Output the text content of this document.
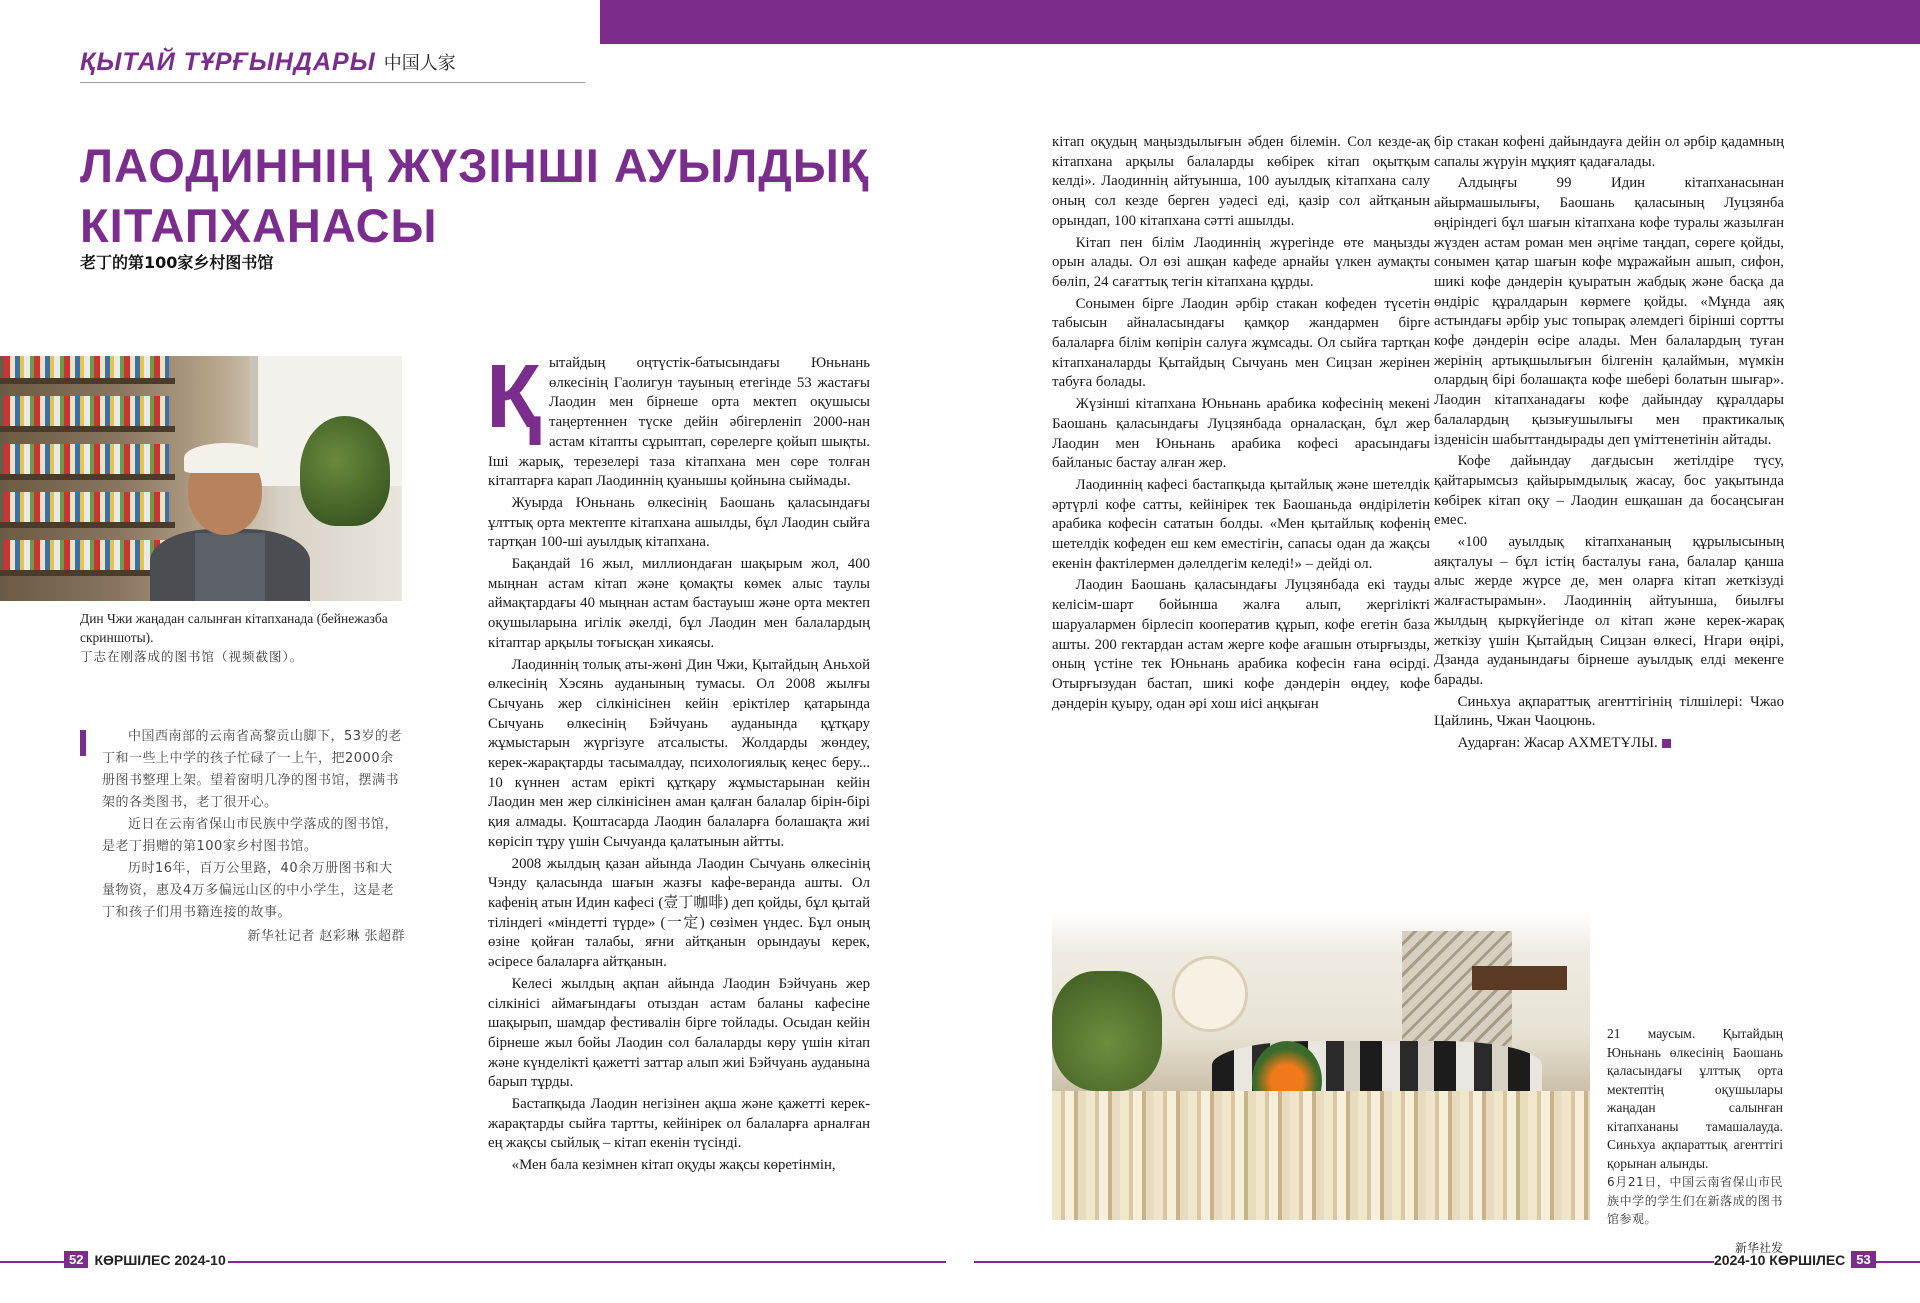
ҚЫТАЙ ТҰРҒЫНДАРЫ 中国人家
ЛАОДИННІҢ ЖҮЗІНШІ АУЫЛДЫҚ КІТАПХАНАСЫ
老丁的第100家乡村图书馆

Дин Чжи жаңадан салынған кітапханада (бейнежазба скриншоты).
丁志在刚落成的图书馆（视频截图）。

中国西南部的云南省高黎贡山脚下，53岁的老丁和一些上中学的孩子忙碌了一上午，把2000余册图书整理上架。望着窗明几净的图书馆，摆满书架的各类图书，老丁很开心。

近日在云南省保山市民族中学落成的图书馆，是老丁捐赠的第100家乡村图书馆。

历时16年，百万公里路，40余万册图书和大量物资，惠及4万多偏远山区的中小学生，这是老丁和孩子们用书籍连接的故事。

新华社记者 赵彩琳 张超群

Қ ытайдың оңтүстік-батысындағы Юньнань өлкесінің Гаолигун тауының етегінде 53 жастағы Лаодин мен бірнеше орта мектеп оқушысы таңертеннен түске дейін әбігерленіп 2000-нан астам кітапты сұрыптап, сөрелерге қойып шықты. Іші жарық, терезелері таза кітапхана мен сөре толған кітаптарға карап Лаодиннің қуанышы қойнына сыймады.

Жуырда Юньнань өлкесінің Баошань қаласындағы ұлттық орта мектепте кітапхана ашылды, бұл Лаодин сыйға тартқан 100-ші ауылдық кітапхана.

Бақандай 16 жыл, миллиондаған шақырым жол, 400 мыңнан астам кітап және қомақты көмек алыс таулы аймақтардағы 40 мыңнан астам бастауыш және орта мектеп оқушыларына игілік әкелді, бұл Лаодин мен балалардың кітаптар арқылы тоғысқан хикаясы.

Лаодиннің толық аты-жөні Дин Чжи, Қытайдың Аньхой өлкесінің Хэсянь ауданының тумасы. Ол 2008 жылғы Сычуань жер сілкінісінен кейін еріктілер қатарында Сычуань өлкесінің Бэйчуань ауданында құтқару жұмыстарын жүргізуге атсалысты. Жолдарды жөндеу, керек-жарақтарды тасымалдау, психологиялық кеңес беру... 10 күннен астам ерікті құтқару жұмыстарынан кейін Лаодин мен жер сілкінісінен аман қалған балалар бірін-бірі қия алмады. Қоштасарда Лаодин балаларға болашақта жиі көрісіп тұру үшін Сычуанда қалатынын айтты.

2008 жылдың қазан айында Лаодин Сычуань өлкесінің Чэнду қаласында шағын жазғы кафе-веранда ашты. Ол кафенің атын Идин кафесі (壹丁咖啡) деп қойды, бұл қытай тіліндегі «міндетті түрде» (一定) сөзімен үндес. Бұл оның өзіне қойған талабы, яғни айтқанын орындауы керек, әсіресе балаларға айтқанын.

Келесі жылдың ақпан айында Лаодин Бэйчуань жер сілкінісі аймағындағы отыздан астам баланы кафесіне шақырып, шамдар фестивалін бірге тойлады. Осыдан кейін бірнеше жыл бойы Лаодин сол балаларды көру үшін кітап және күнделікті қажетті заттар алып жиі Бэйчуань ауданына барып тұрды.

Бастапқыда Лаодин негізінен ақша және қажетті керек-жарақтарды сыйға тартты, кейінірек ол балаларға арналған ең жақсы сыйлық – кітап екенін түсінді.

«Мен бала кезімнен кітап оқуды жақсы көретінмін,

кітап оқудың маңыздылығын әбден білемін. Сол кезде-ақ кітапхана арқылы балаларды көбірек кітап оқытқым келді». Лаодиннің айтуынша, 100 ауылдық кітапхана салу оның сол кезде берген уәдесі еді, қазір сол айтқанын орындап, 100 кітапхана сәтті ашылды.

Кітап пен білім Лаодиннің жүрегінде өте маңызды орын алады. Ол өзі ашқан кафеде арнайы үлкен аумақты бөліп, 24 сағаттық тегін кітапхана құрды.

Сонымен бірге Лаодин әрбір стакан кофеден түсетін табысын айналасындағы қамқор жандармен бірге балаларға білім көпірін салуға жұмсады. Ол сыйға тартқан кітапханаларды Қытайдың Сычуань мен Сицзан жерінен табуға болады.

Жүзінші кітапхана Юньнань арабика кофесінің мекені Баошань қаласындағы Луцзянбада орналасқан, бұл жер Лаодин мен Юньнань арабика кофесі арасындағы байланыс бастау алған жер.

Лаодиннің кафесі бастапқыда қытайлық және шетелдік әртүрлі кофе сатты, кейінірек тек Баошаньда өндірілетін арабика кофесін сататын болды. «Мен қытайлық кофенің шетелдік кофеден еш кем еместігін, сапасы одан да жақсы екенін фактілермен дәлелдегім келеді!» – дейді ол.

Лаодин Баошань қаласындағы Луцзянбада екі тауды келісім-шарт бойынша жалға алып, жергілікті шаруалармен бірлесіп кооператив құрып, кофе егетін база ашты. 200 гектардан астам жерге кофе ағашын отырғызды, оның үстіне тек Юньнань арабика кофесін ғана өсірді. Отырғызудан бастап, шикі кофе дәндерін өңдеу, кофе дәндерін қуыру, одан әрі хош иісі аңқыған

бір стакан кофені дайындауға дейін ол әрбір қадамның сапалы жүруін мұқият қадағалады.

Алдыңғы 99 Идин кітапханасынан айырмашылығы, Баошань қаласының Луцзянба өңіріндегі бұл шағын кітапхана кофе туралы жазылған жүзден астам роман мен әңгіме таңдап, сөреге қойды, сонымен қатар шағын кофе мұражайын ашып, сифон, шикі кофе дәндерін қуыратын жабдық және басқа да өндіріс құралдарын көрмеге қойды. «Мұнда аяқ астындағы әрбір уыс топырақ әлемдегі бірінші сортты кофе дәндерін өсіре алады. Мен балалардың туған жерінің артықшылығын білгенін қалаймын, мүмкін олардың бірі болашақта кофе шебері болатын шығар». Лаодин кітапханадағы кофе дайындау құралдары балалардың қызығушылығы мен практикалық ізденісін шабыттандырады деп үміттенетінін айтады.

Кофе дайындау дағдысын жетілдіре түсу, қайтарымсыз қайырымдылық жасау, бос уақытында көбірек кітап оқу – Лаодин ешқашан да босаңсыған емес.

«100 ауылдық кітапхананың құрылысының аяқталуы – бұл істің басталуы ғана, балалар қанша алыс жерде жүрсе де, мен оларға кітап жеткізуді жалғастырамын». Лаодиннің айтуынша, биылғы жылдың қыркүйегінде ол кітап және керек-жарақ жеткізу үшін Қытайдың Сицзан өлкесі, Нгари өңірі, Дзанда ауданындағы бірнеше ауылдық елді мекенге барады.

Синьхуа ақпараттық агенттігінің тілшілері: Чжао Цайлинь, Чжан Чаоцюнь.

Аударған: Жасар АХМЕТҰЛЫ.

21 маусым. Қытайдың Юньнань өлкесінің Баошань қаласындағы ұлттық орта мектептің оқушылары жаңадан салынған кітапхананы тамашалауда. Синьхуа ақпараттық агенттігі қорынан алынды.
6月21日，中国云南省保山市民族中学的学生们在新落成的图书馆参观。
新华社发

52 КӨРШІЛЕС 2024-10	2024-10 КӨРШІЛЕС 53
